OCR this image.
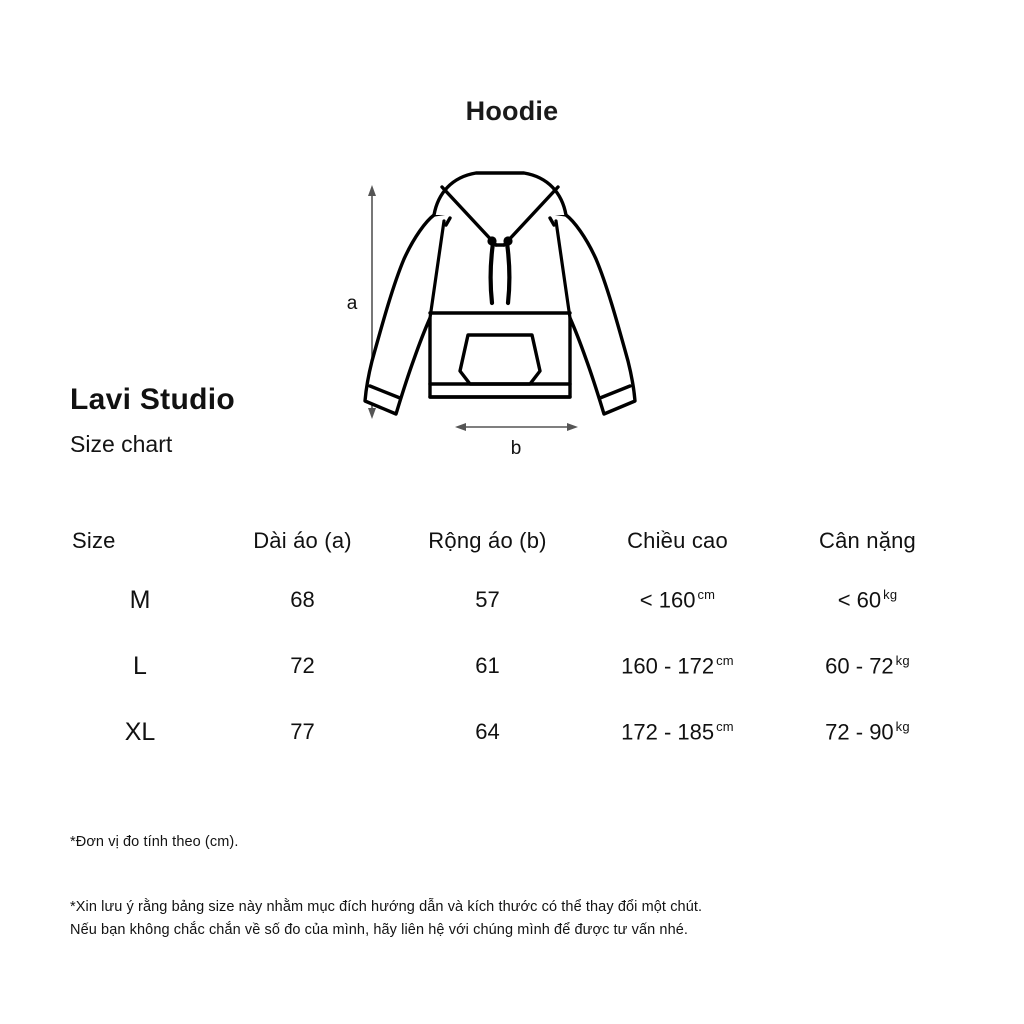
Hoodie
a
b
Lavi Studio
Size chart
Size	Dài áo (a)	Rộng áo (b)	Chiều cao	Cân nặng
M	68	57	< 160 $^{cm}$	< 60 $^{kg}$
L	72	61	160 - 172 $^{cm}$	60 - 72 $^{kg}$
XL	77	64	172 - 185 $^{cm}$	72 - 90 $^{kg}$
*Đơn vị đo tính theo (cm).
*Xin lưu ý rằng bảng size này nhằm mục đích hướng dẫn và kích thước có thể thay đổi một chút.
Nếu bạn không chắc chắn về số đo của mình, hãy liên hệ với chúng mình để được tư vấn nhé.
